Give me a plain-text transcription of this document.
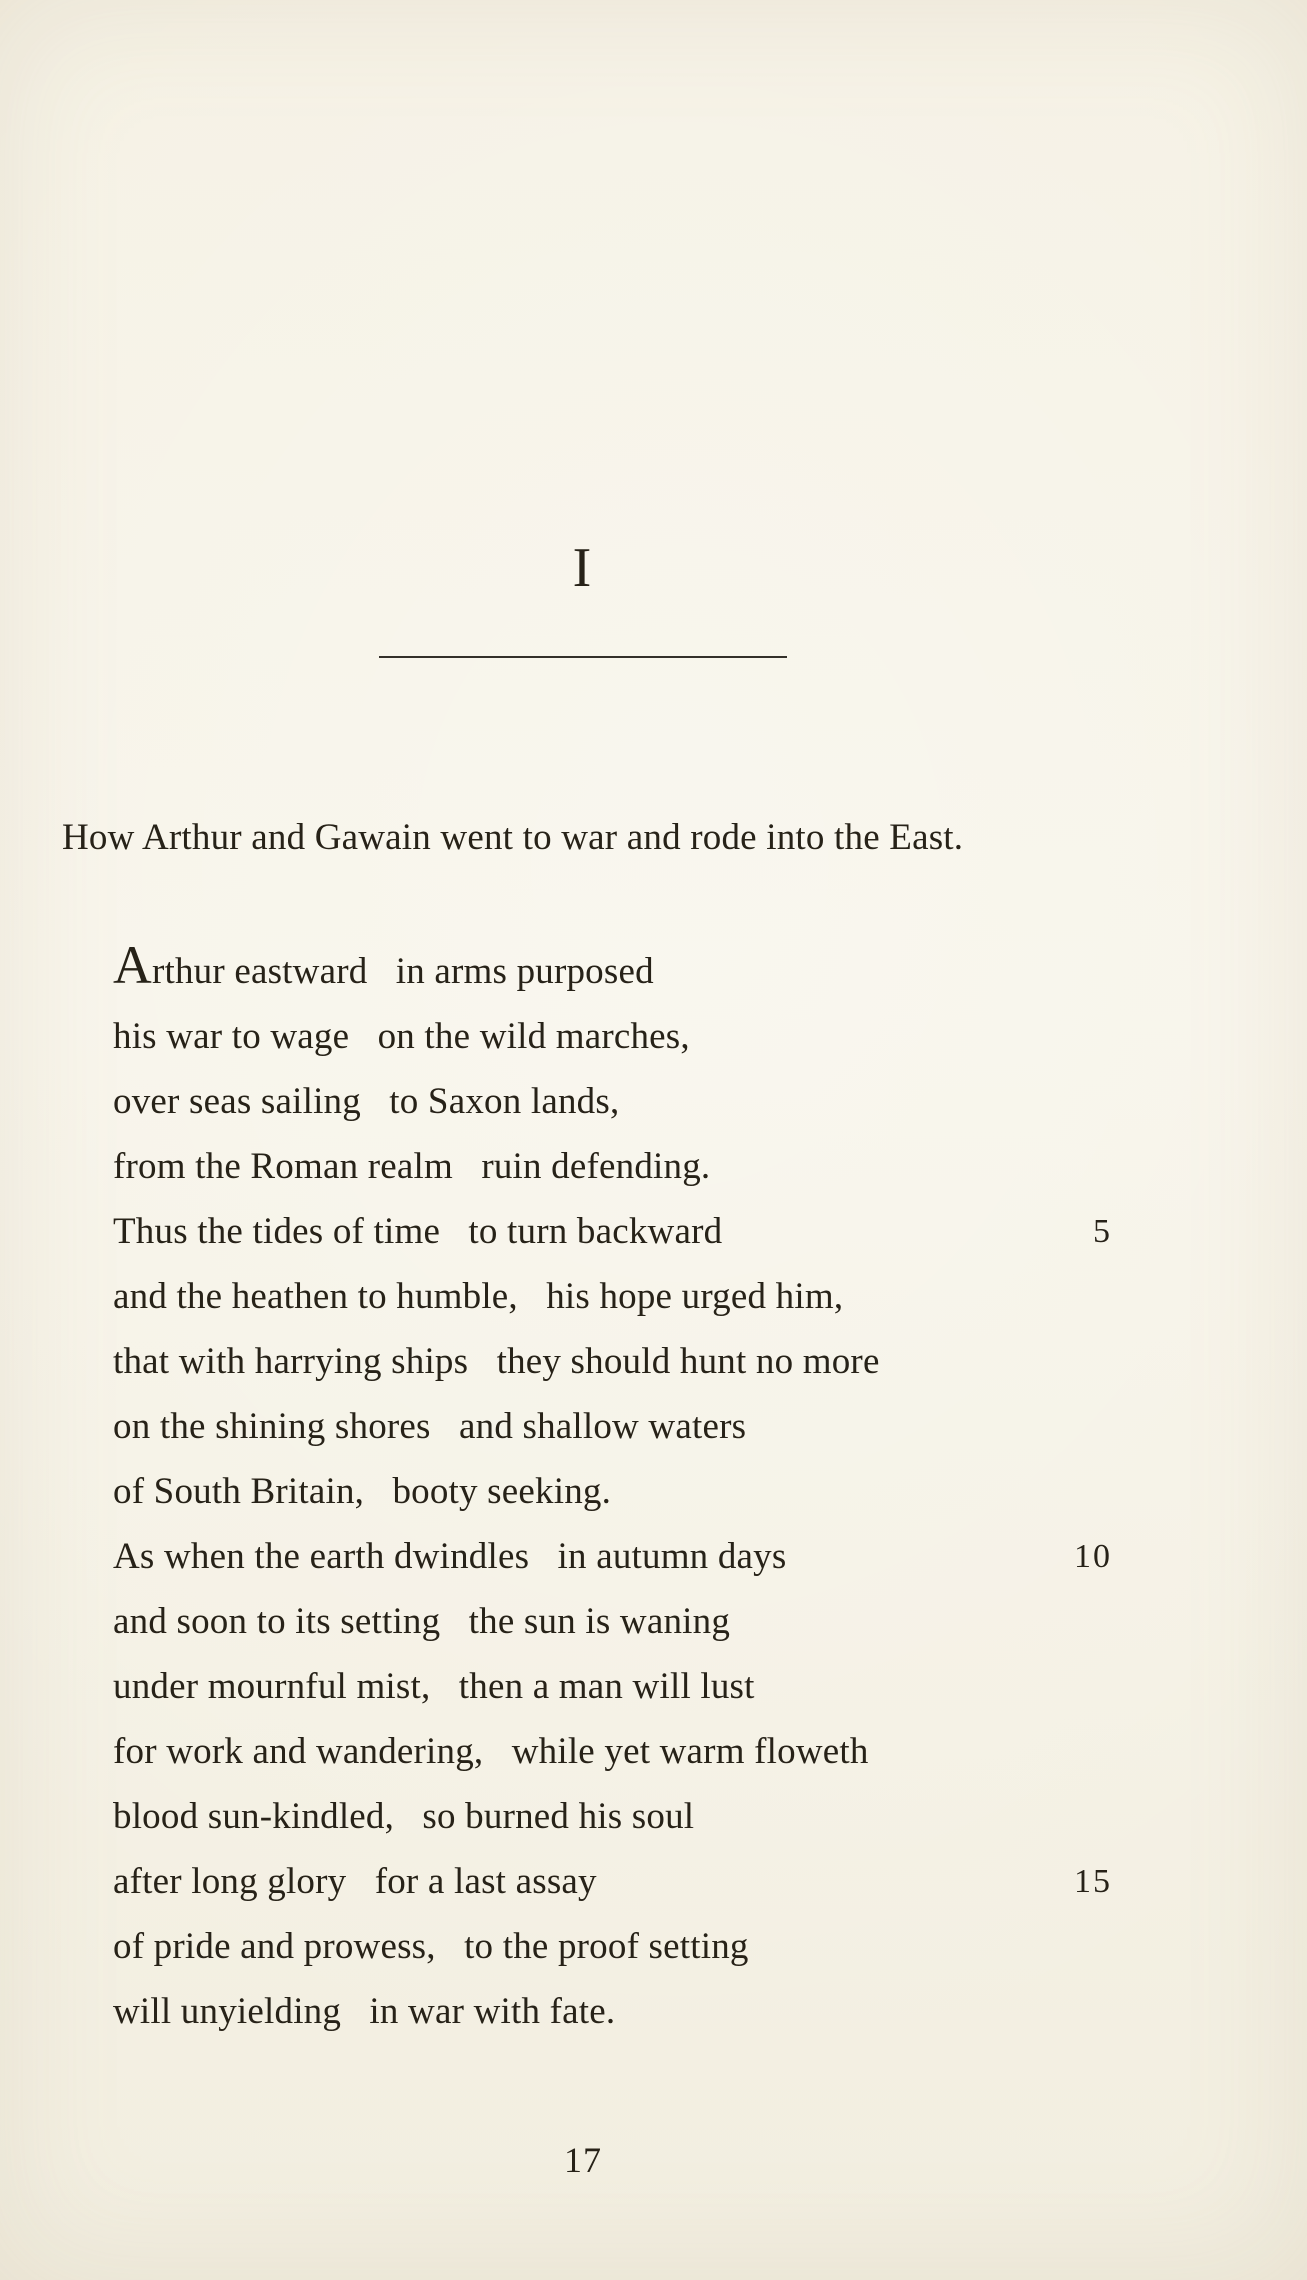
I
How Arthur and Gawain went to war and rode into the East.
Arthur eastward   in arms purposed
his war to wage   on the wild marches,
over seas sailing   to Saxon lands,
from the Roman realm   ruin defending.
Thus the tides of time   to turn backward	5
and the heathen to humble,   his hope urged him,
that with harrying ships   they should hunt no more
on the shining shores   and shallow waters
of South Britain,   booty seeking.
As when the earth dwindles   in autumn days	10
and soon to its setting   the sun is waning
under mournful mist,   then a man will lust
for work and wandering,   while yet warm floweth
blood sun-kindled,   so burned his soul
after long glory   for a last assay	15
of pride and prowess,   to the proof setting
will unyielding   in war with fate.
17
